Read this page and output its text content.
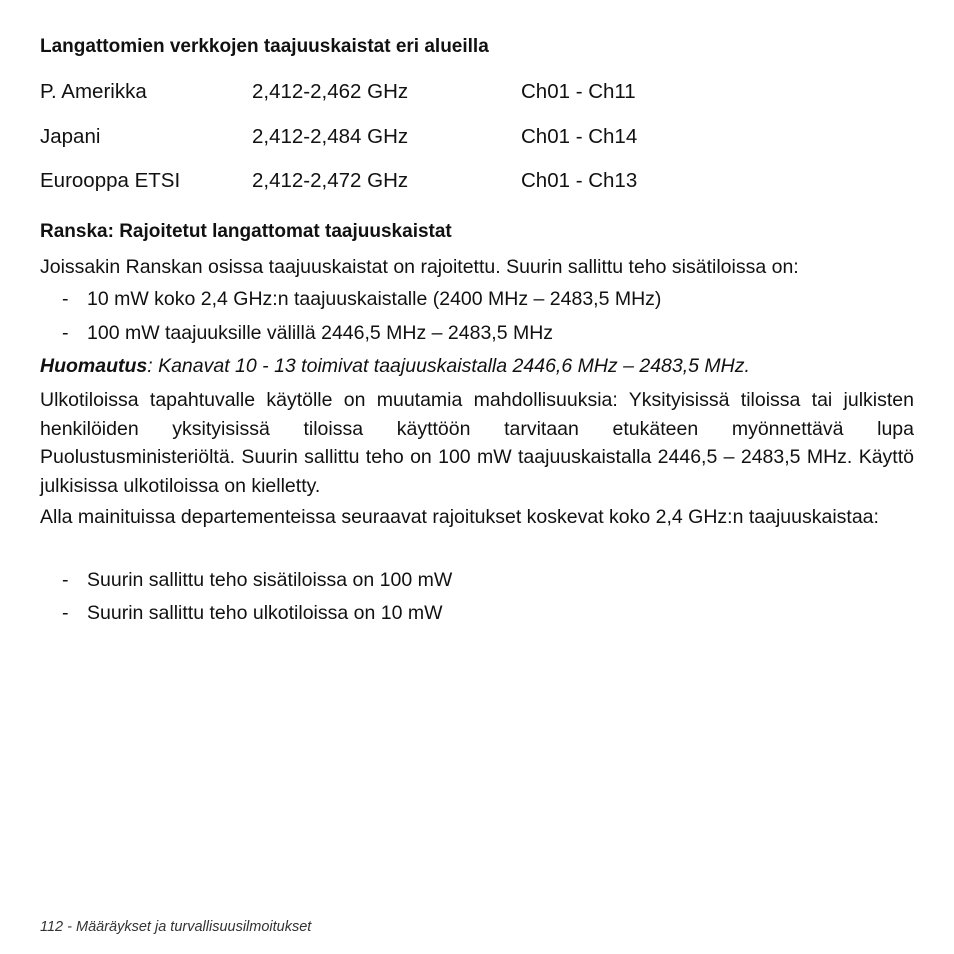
Langattomien verkkojen taajuuskaistat eri alueilla
P. Amerikka	2,412-2,462 GHz	Ch01 - Ch11
Japani	2,412-2,484 GHz	Ch01 - Ch14
Eurooppa ETSI	2,412-2,472 GHz	Ch01 - Ch13
Ranska: Rajoitetut langattomat taajuuskaistat
Joissakin Ranskan osissa taajuuskaistat on rajoitettu. Suurin sallittu teho sisätiloissa on:
- 10 mW koko 2,4 GHz:n taajuuskaistalle (2400 MHz – 2483,5 MHz)
- 100 mW taajuuksille välillä 2446,5 MHz – 2483,5 MHz
Huomautus: Kanavat 10 - 13 toimivat taajuuskaistalla 2446,6 MHz – 2483,5 MHz.
Ulkotiloissa tapahtuvalle käytölle on muutamia mahdollisuuksia: Yksityisissä tiloissa tai julkisten henkilöiden yksityisissä tiloissa käyttöön tarvitaan etukäteen myönnettävä lupa Puolustusministeriöltä. Suurin sallittu teho on 100 mW taajuuskaistalla 2446,5 – 2483,5 MHz. Käyttö julkisissa ulkotiloissa on kielletty.
Alla mainituissa departementeissa seuraavat rajoitukset koskevat koko 2,4 GHz:n taajuuskaistaa:
- Suurin sallittu teho sisätiloissa on 100 mW
- Suurin sallittu teho ulkotiloissa on 10 mW
112 - Määräykset ja turvallisuusilmoitukset
